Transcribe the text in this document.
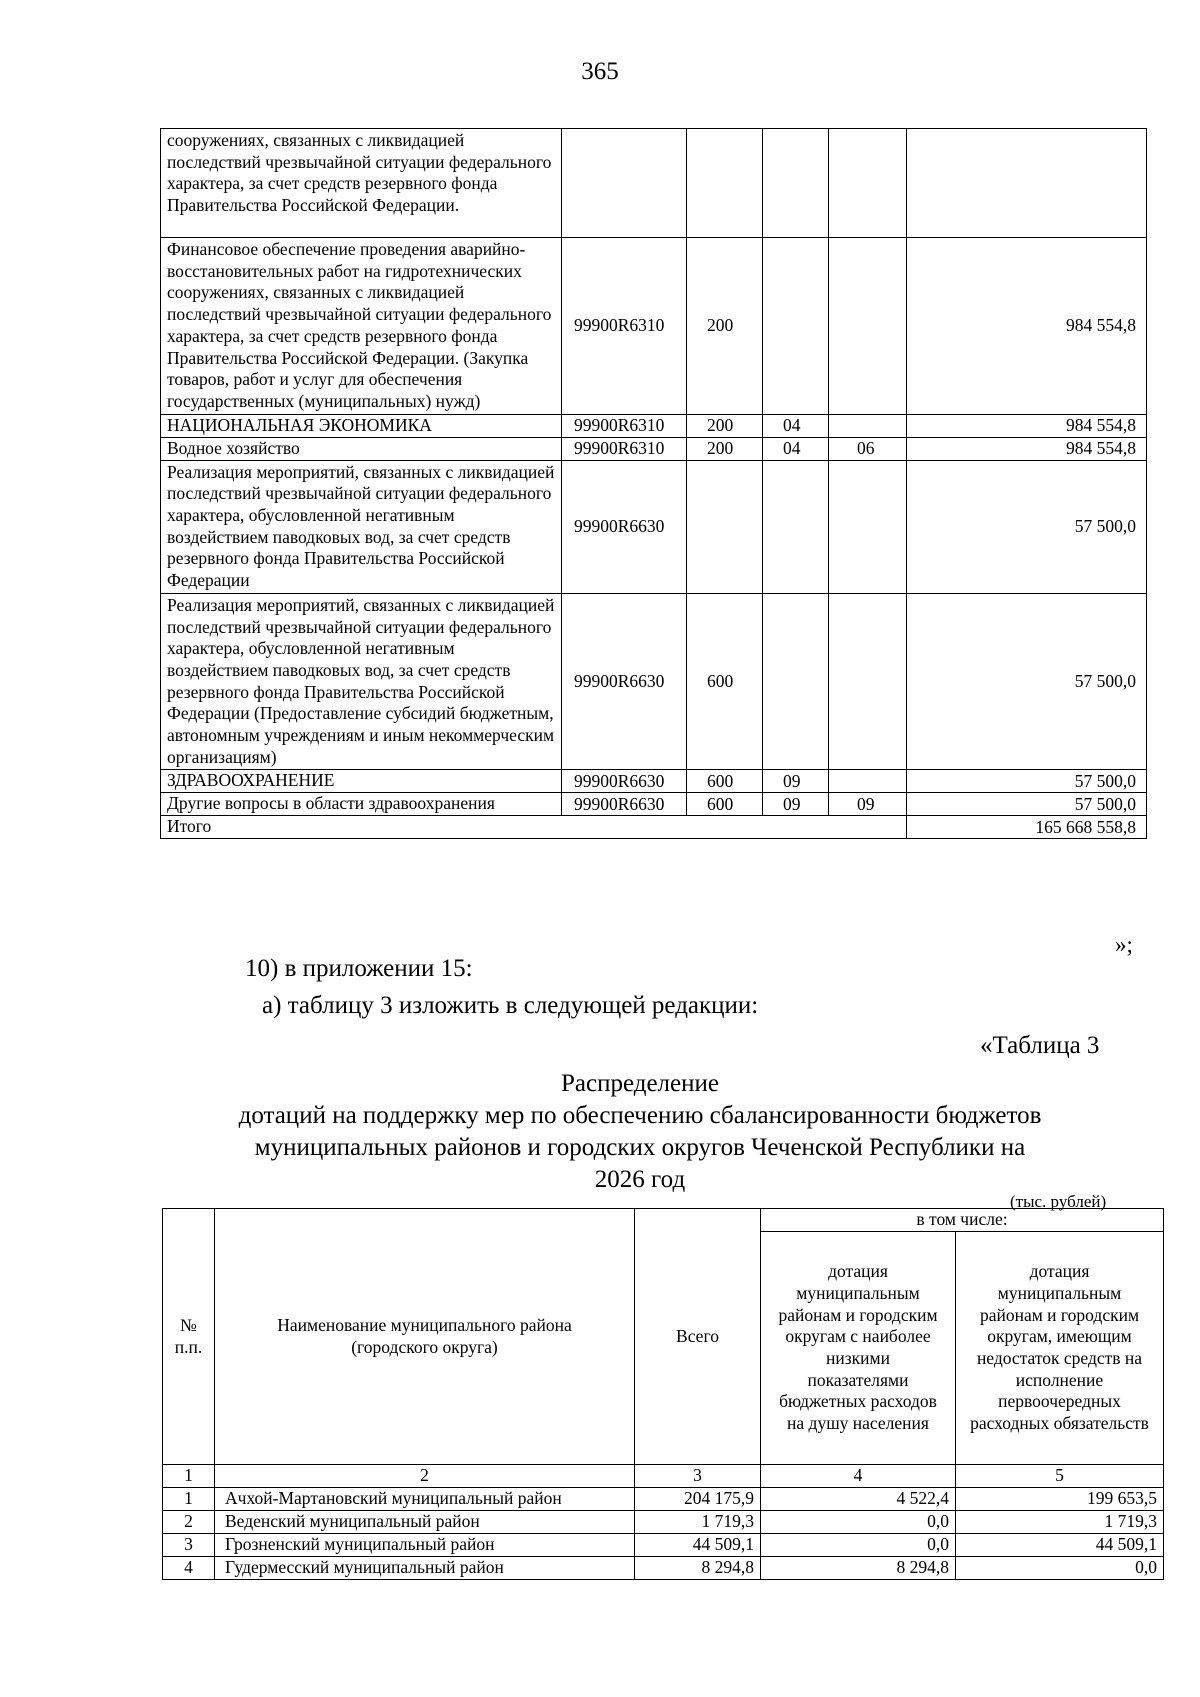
365
сооружениях, связанных с ликвидацией последствий чрезвычайной ситуации федерального характера, за счет средств резервного фонда Правительства Российской Федерации.					
Финансовое обеспечение проведения аварийно-восстановительных работ на гидротехнических сооружениях, связанных с ликвидацией последствий чрезвычайной ситуации федерального характера, за счет средств резервного фонда Правительства Российской Федерации. (Закупка товаров, работ и услуг для обеспечения государственных (муниципальных) нужд)	99900R6310	200			984 554,8
НАЦИОНАЛЬНАЯ ЭКОНОМИКА	99900R6310	200	04		984 554,8
Водное хозяйство	99900R6310	200	04	06	984 554,8
Реализация мероприятий, связанных с ликвидацией последствий чрезвычайной ситуации федерального характера, обусловленной негативным воздействием паводковых вод, за счет средств резервного фонда Правительства Российской Федерации	99900R6630				57 500,0
Реализация мероприятий, связанных с ликвидацией последствий чрезвычайной ситуации федерального характера, обусловленной негативным воздействием паводковых вод, за счет средств резервного фонда Правительства Российской Федерации (Предоставление субсидий бюджетным, автономным учреждениям и иным некоммерческим организациям)	99900R6630	600			57 500,0
ЗДРАВООХРАНЕНИЕ	99900R6630	600	09		57 500,0
Другие вопросы в области здравоохранения	99900R6630	600	09	09	57 500,0
Итого					165 668 558,8
»;
10) в приложении 15:
а) таблицу 3 изложить в следующей редакции:
«Таблица 3
Распределение
дотаций на поддержку мер по обеспечению сбалансированности бюджетов
муниципальных районов и городских округов Чеченской Республики на
2026 год
(тыс. рублей)
№ п.п.	Наименование муниципального района (городского округа)	Всего	в том числе:	
			дотация муниципальным районам и городским округам с наиболее низкими показателями бюджетных расходов на душу населения	дотация муниципальным районам и городским округам, имеющим недостаток средств на исполнение первоочередных расходных обязательств
1	2	3	4	5
1	Ачхой-Мартановский муниципальный район	204 175,9	4 522,4	199 653,5
2	Веденский муниципальный район	1 719,3	0,0	1 719,3
3	Грозненский муниципальный район	44 509,1	0,0	44 509,1
4	Гудермесский муниципальный район	8 294,8	8 294,8	0,0
